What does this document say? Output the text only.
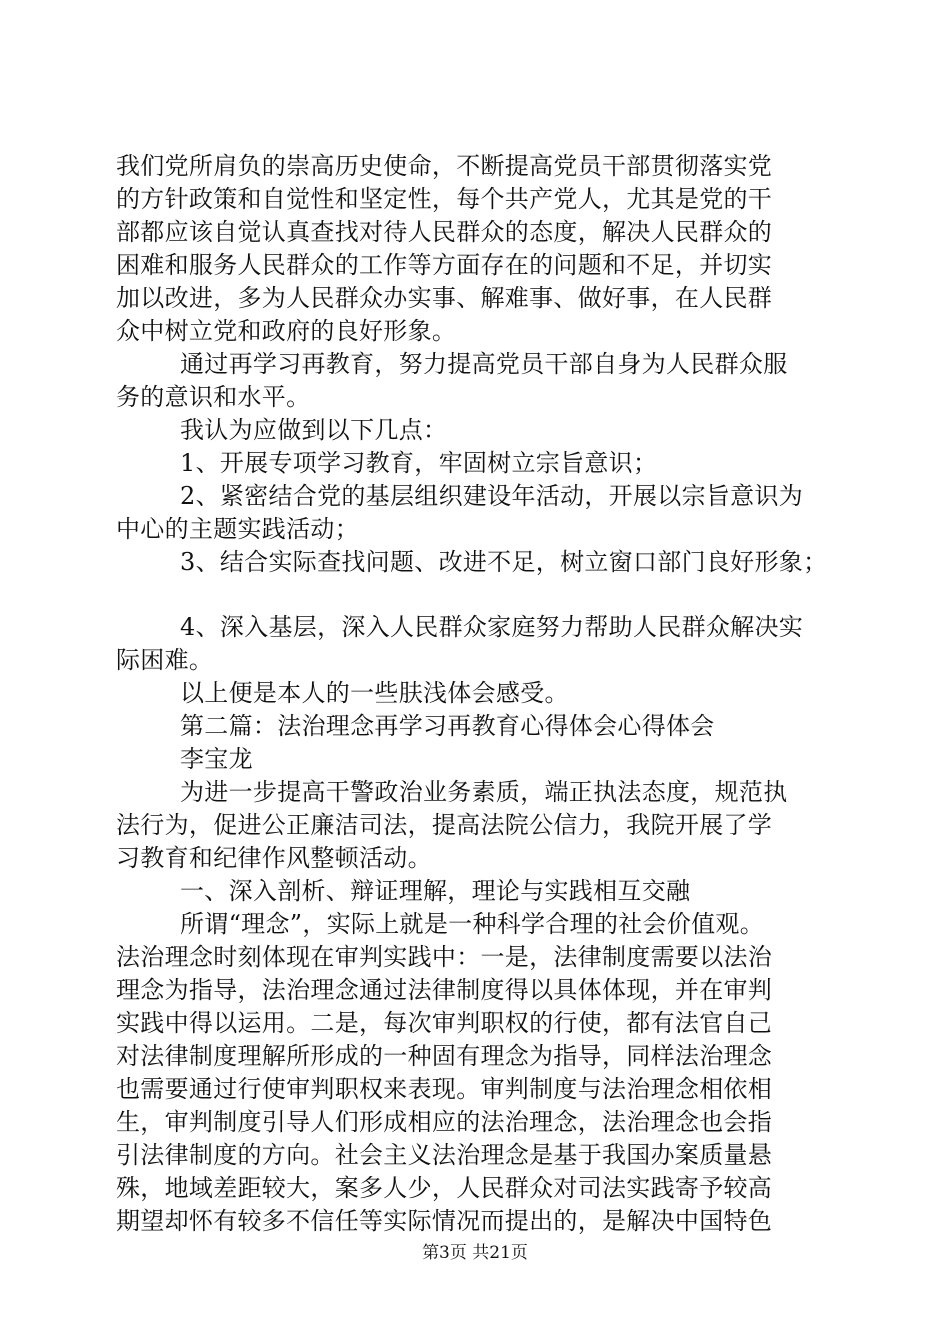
我们党所肩负的崇高历史使命，不断提高党员干部贯彻落实党

的方针政策和自觉性和坚定性，每个共产党人，尤其是党的干

部都应该自觉认真查找对待人民群众的态度，解决人民群众的

困难和服务人民群众的工作等方面存在的问题和不足，并切实

加以改进，多为人民群众办实事、解难事、做好事，在人民群

众中树立党和政府的良好形象。

通过再学习再教育，努力提高党员干部自身为人民群众服

务的意识和水平。

我认为应做到以下几点：

1、开展专项学习教育，牢固树立宗旨意识；

2、紧密结合党的基层组织建设年活动，开展以宗旨意识为

中心的主题实践活动；

3、结合实际查找问题、改进不足，树立窗口部门良好形象；

4、深入基层，深入人民群众家庭努力帮助人民群众解决实

际困难。

以上便是本人的一些肤浅体会感受。

第二篇：法治理念再学习再教育心得体会心得体会

李宝龙

为进一步提高干警政治业务素质，端正执法态度，规范执

法行为，促进公正廉洁司法，提高法院公信力，我院开展了学

习教育和纪律作风整顿活动。

一、深入剖析、辩证理解，理论与实践相互交融

所谓“理念”，实际上就是一种科学合理的社会价值观。

法治理念时刻体现在审判实践中：一是，法律制度需要以法治

理念为指导，法治理念通过法律制度得以具体体现，并在审判

实践中得以运用。二是，每次审判职权的行使，都有法官自己

对法律制度理解所形成的一种固有理念为指导，同样法治理念

也需要通过行使审判职权来表现。审判制度与法治理念相依相

生，审判制度引导人们形成相应的法治理念，法治理念也会指

引法律制度的方向。社会主义法治理念是基于我国办案质量悬

殊，地域差距较大，案多人少，人民群众对司法实践寄予较高

期望却怀有较多不信任等实际情况而提出的，是解决中国特色

第3页 共21页
